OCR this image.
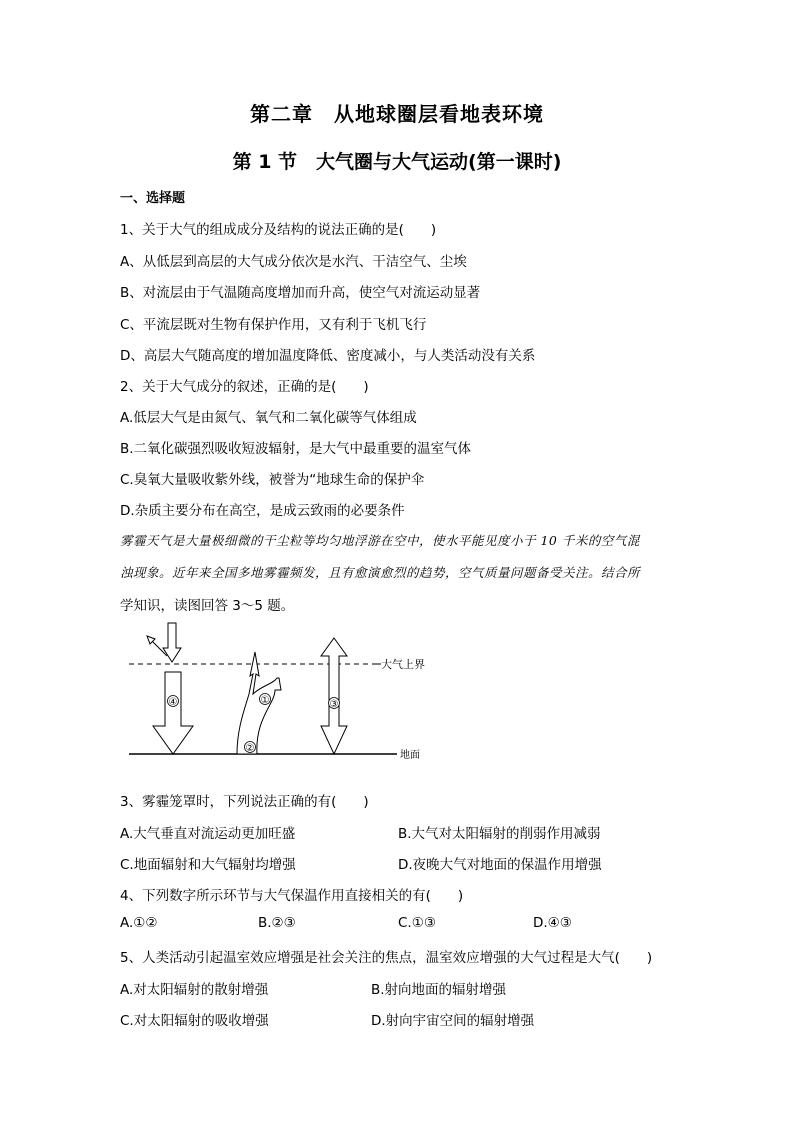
第二章　从地球圈层看地表环境
第 1 节　大气圈与大气运动(第一课时)
一、选择题
1、关于大气的组成成分及结构的说法正确的是(　　)
A、从低层到高层的大气成分依次是水汽、干洁空气、尘埃
B、对流层由于气温随高度增加而升高，使空气对流运动显著
C、平流层既对生物有保护作用，又有利于飞机飞行
D、高层大气随高度的增加温度降低、密度减小，与人类活动没有关系
2、关于大气成分的叙述，正确的是(　　)
A.低层大气是由氮气、氧气和二氧化碳等气体组成
B.二氧化碳强烈吸收短波辐射，是大气中最重要的温室气体
C.臭氧大量吸收紫外线，被誉为“地球生命的保护伞
D.杂质主要分布在高空，是成云致雨的必要条件
雾霾天气是大量极细微的干尘粒等均匀地浮游在空中，使水平能见度小于 10 千米的空气混
浊现象。近年来全国多地雾霾频发，且有愈演愈烈的趋势，空气质量问题备受关注。结合所
学知识，读图回答 3～5 题。
大气上界
地面
④	①
②
③
3、雾霾笼罩时，下列说法正确的有(　　)
A.大气垂直对流运动更加旺盛	B.大气对太阳辐射的削弱作用减弱
C.地面辐射和大气辐射均增强	D.夜晚大气对地面的保温作用增强
4、下列数字所示环节与大气保温作用直接相关的有(　　)
A.①②	B.②③	C.①③	D.④③
5、人类活动引起温室效应增强是社会关注的焦点，温室效应增强的大气过程是大气(　　)
A.对太阳辐射的散射增强	B.射向地面的辐射增强
C.对太阳辐射的吸收增强	D.射向宇宙空间的辐射增强
